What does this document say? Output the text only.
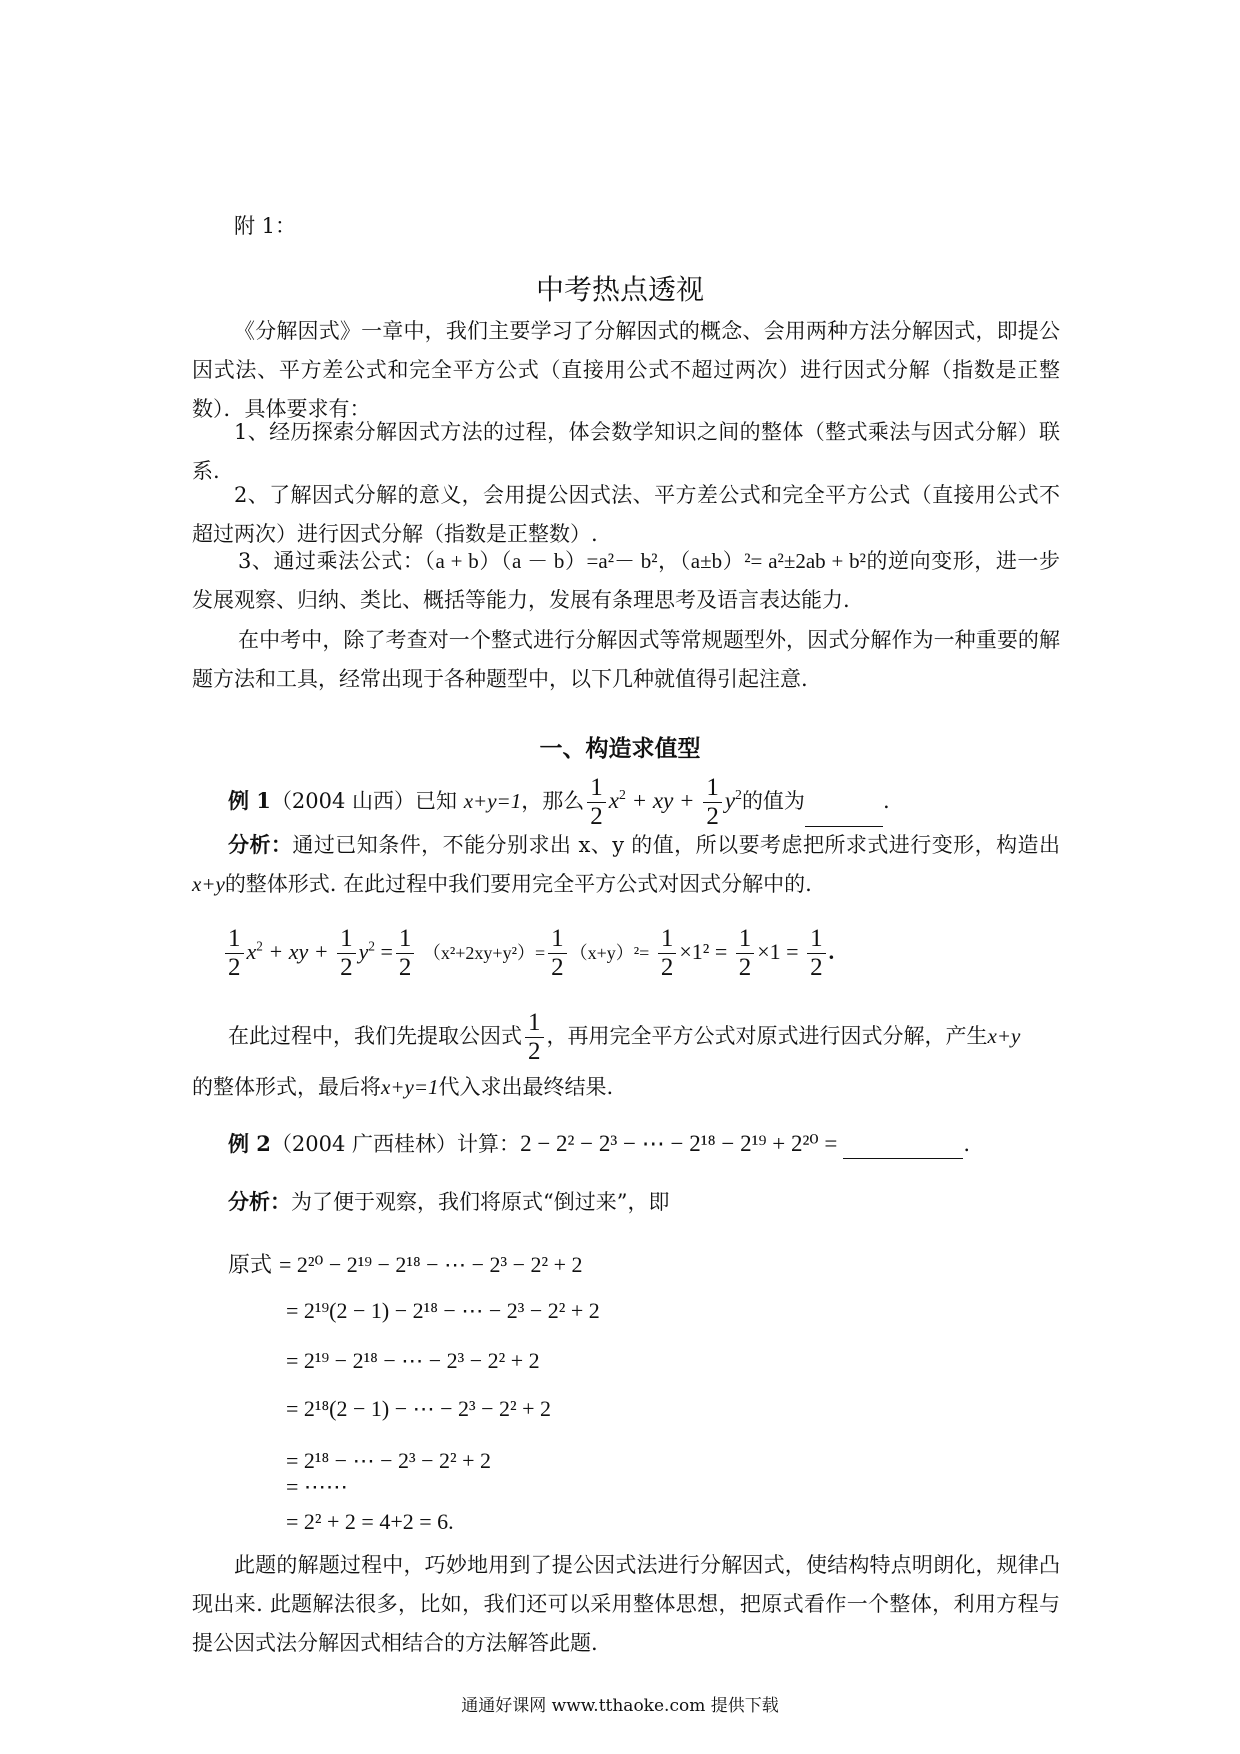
附 1：
中考热点透视
《分解因式》一章中，我们主要学习了分解因式的概念、会用两种方法分解因式，即提公因式法、平方差公式和完全平方公式（直接用公式不超过两次）进行因式分解（指数是正整数）．具体要求有：
1、经历探索分解因式方法的过程，体会数学知识之间的整体（整式乘法与因式分解）联系.
2、了解因式分解的意义，会用提公因式法、平方差公式和完全平方公式（直接用公式不超过两次）进行因式分解（指数是正整数）.
3、通过乘法公式：（a + b）（a － b）=a²－ b²，（a±b）²= a²±2ab + b²的逆向变形，进一步发展观察、归纳、类比、概括等能力，发展有条理思考及语言表达能力.
在中考中，除了考查对一个整式进行分解因式等常规题型外，因式分解作为一种重要的解题方法和工具，经常出现于各种题型中，以下几种就值得引起注意.
一、构造求值型
例 1（2004 山西）已知 x+y=1，那么 $\frac{1}{2} x^2$ + xy + $\frac{1}{2} y^2$的值为	.
分析：通过已知条件，不能分别求出 x、y 的值，所以要考虑把所求式进行变形，构造出x+y的整体形式. 在此过程中我们要用完全平方公式对因式分解中的.
$\frac{1}{2} x^2$ + xy + $\frac{1}{2} y^2 = \frac{1}{2} (x^2+2xy+y^2)= \frac{1}{2} (x+y)^2= \frac{1}{2} \times 1^2 = \frac{1}{2} \times 1 = \frac{1}{2}$ .
在此过程中，我们先提取公因式 $\frac{1}{2}$ ，再用完全平方公式对原式进行因式分解，产生x+y
的整体形式，最后将x+y=1代入求出最终结果.
例 2（2004 广西桂林）计算：2 − 2² − 2³ − ⋯ − 2¹⁸ − 2¹⁹ + 2²⁰ =	.
分析：为了便于观察，我们将原式“倒过来”，即
原式 = 2²⁰ − 2¹⁹ − 2¹⁸ − ⋯ − 2³ − 2² + 2
= 2¹⁹(2 − 1) − 2¹⁸ − ⋯ − 2³ − 2² + 2
= 2¹⁹ − 2¹⁸ − ⋯ − 2³ − 2² + 2
= 2¹⁸(2 − 1) − ⋯ − 2³ − 2² + 2
= 2¹⁸ − ⋯ − 2³ − 2² + 2
= ⋯⋯
= 2² + 2 = 4+2 = 6.
此题的解题过程中，巧妙地用到了提公因式法进行分解因式，使结构特点明朗化，规律凸现出来. 此题解法很多，比如，我们还可以采用整体思想，把原式看作一个整体，利用方程与提公因式法分解因式相结合的方法解答此题.
通通好课网 www.tthaoke.com 提供下载
